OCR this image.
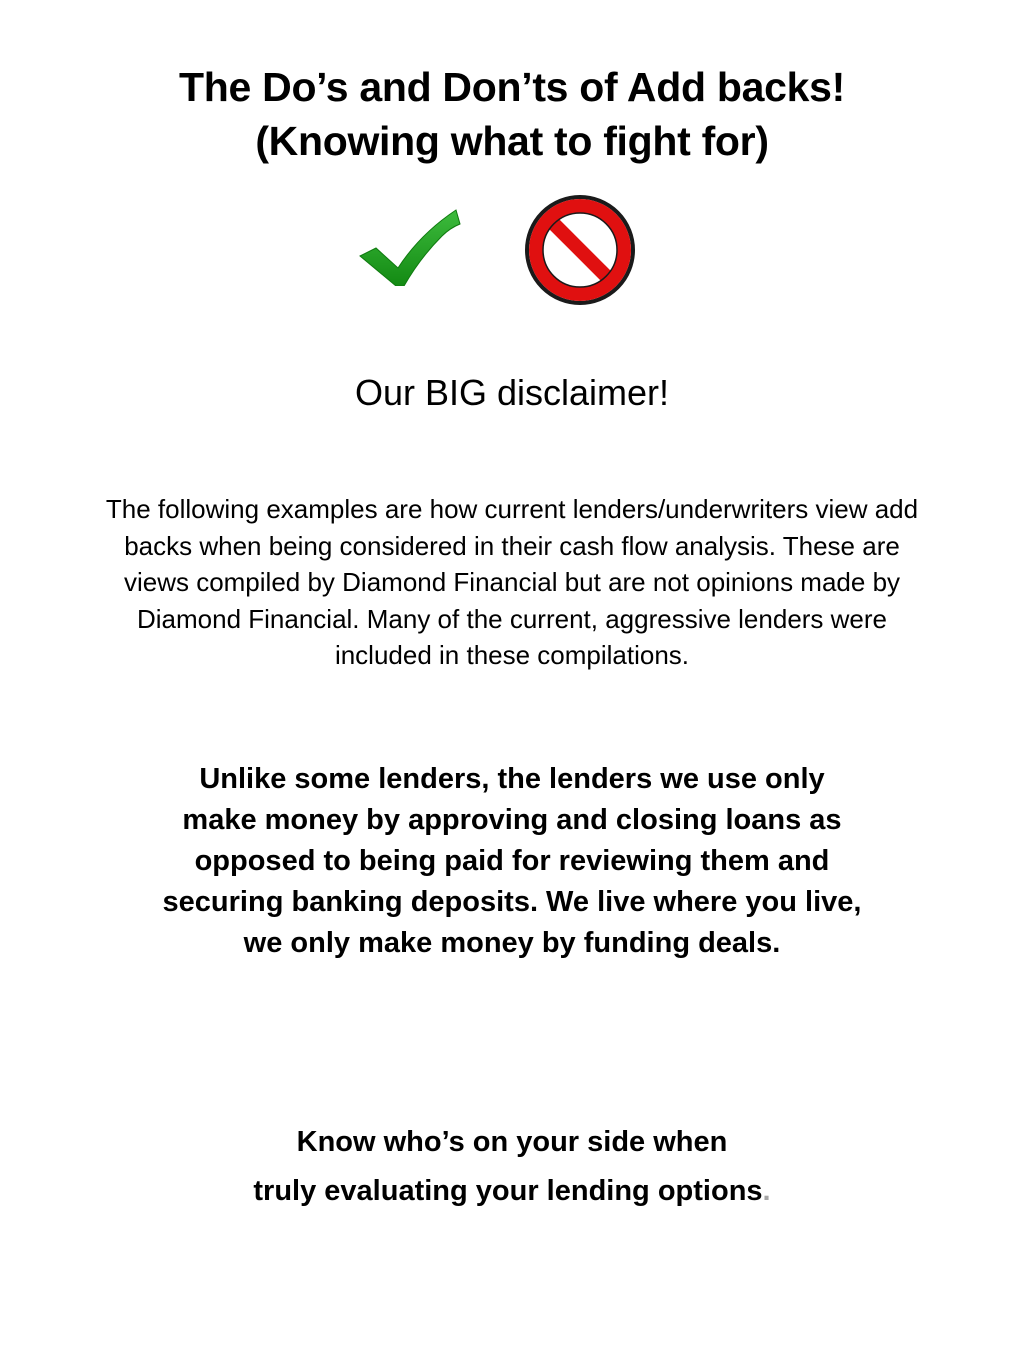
The Do’s and Don’ts of Add backs!
(Knowing what to fight for)
Our BIG disclaimer!
The following examples are how current lenders/underwriters view add backs when being considered in their cash flow analysis. These are views compiled by Diamond Financial but are not opinions made by Diamond Financial. Many of the current, aggressive lenders were included in these compilations.
Unlike some lenders, the lenders we use only make money by approving and closing loans as opposed to being paid for reviewing them and securing banking deposits. We live where you live, we only make money by funding deals.
Know who’s on your side when
truly evaluating your lending options.
